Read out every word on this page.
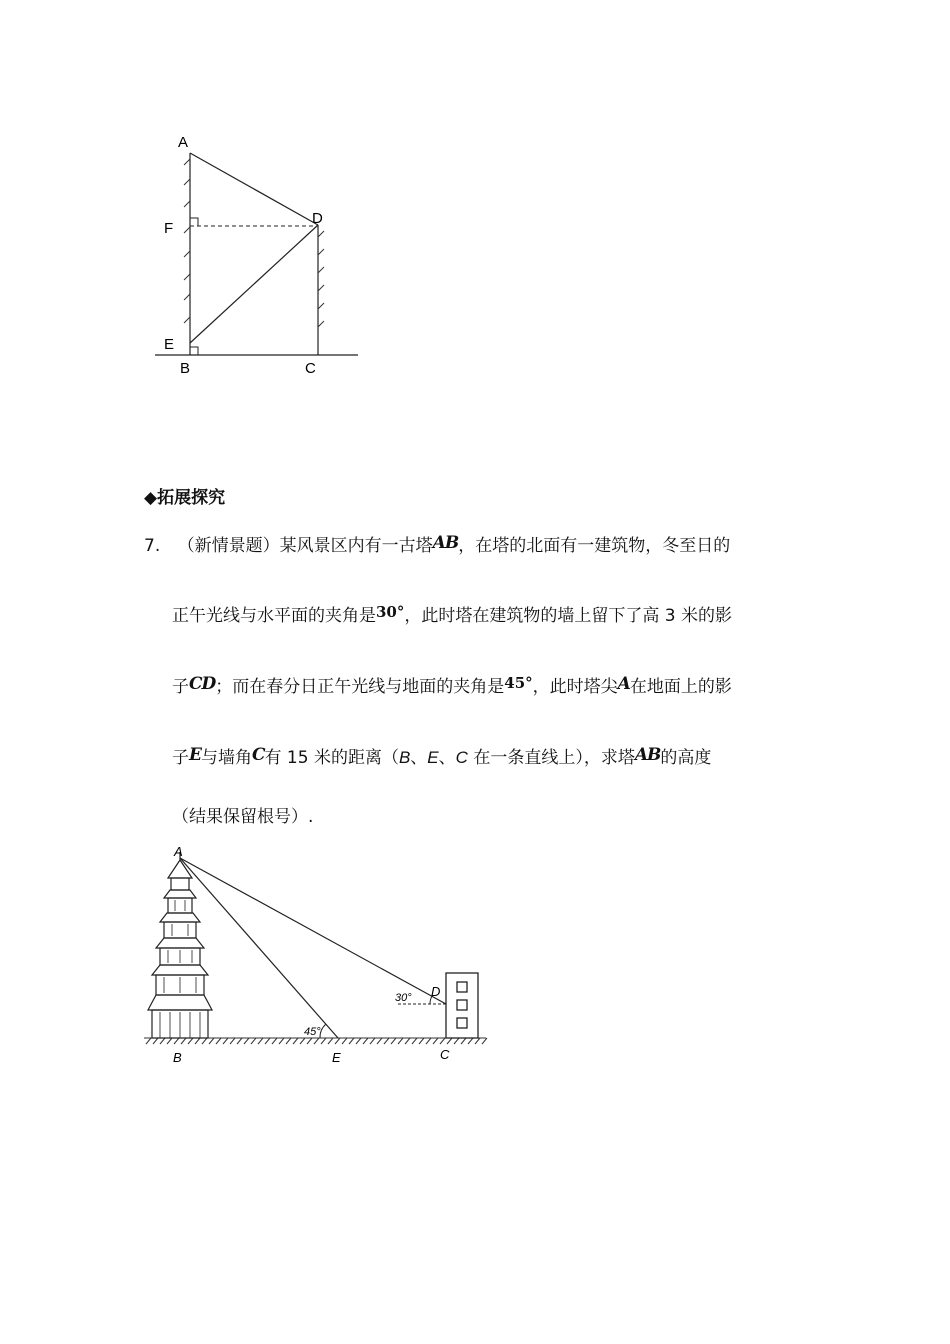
A
F
D
E
B	C
◆拓展探究
7. （新情景题）某风景区内有一古塔AB，在塔的北面有一建筑物，冬至日的
正午光线与水平面的夹角是30°，此时塔在建筑物的墙上留下了高 3 米的影
子CD；而在春分日正午光线与地面的夹角是45°，此时塔尖A在地面上的影
子E与墙角C有 15 米的距离（B、E、C 在一条直线上），求塔AB的高度
（结果保留根号）.
A
B	E	C
D
30°
45°
